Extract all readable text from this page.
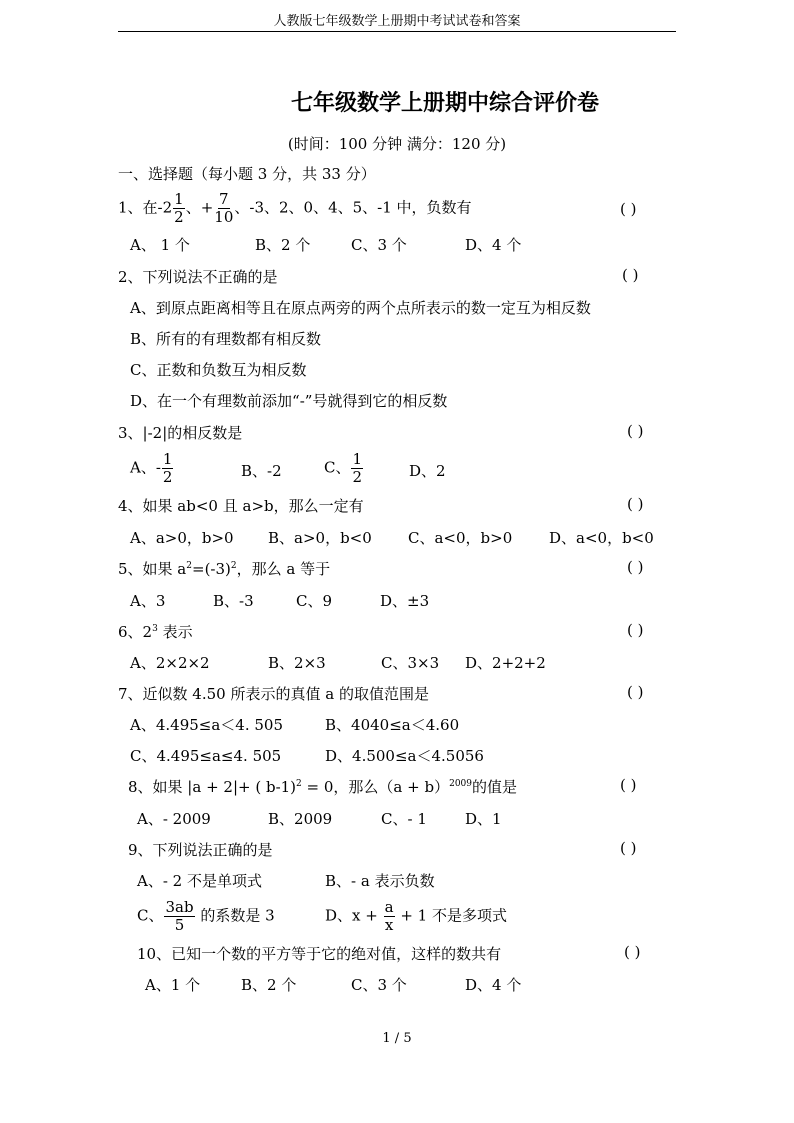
人教版七年级数学上册期中考试试卷和答案
七年级数学上册期中综合评价卷
(时间：100 分钟 满分：120 分)
一、选择题（每小题 3 分，共 33 分）
1、在$-2 \frac{1}{2}$ 、+ $\frac{7}{10}$ 、-3、2、0、4、5、-1 中，负数有	( )
A、 1 个	B、2 个	C、3 个	D、4 个
2、下列说法不正确的是	( )
A、到原点距离相等且在原点两旁的两个点所表示的数一定互为相反数
B、所有的有理数都有相反数
C、正数和负数互为相反数
D、在一个有理数前添加“-”号就得到它的相反数
3、|-2|的相反数是	( )
A、- $\frac{1}{2}$	B、-2	C、 $\frac{1}{2}$	D、2
4、如果 ab<0 且 a>b，那么一定有	( )
A、a>0，b>0 B、a>0，b<0 C、a<0，b>0 D、a<0，b<0
5、如果 $a^2=(-3)^2$，那么 a 等于	( )
A、3	B、-3	C、9	D、±3
6、$2^3$ 表示	( )
A、2×2×2	B、2×3	C、3×3 D、2+2+2
7、近似数 4.50 所表示的真值 a 的取值范围是	( )
A、4.495≤a＜4. 505	B、4040≤a＜4.60
C、4.495≤a≤4. 505	D、4.500≤a＜4.5056
8、如果 |a + 2|+ ( b-1)$^2$ = 0，那么$(a + b)^{2009}$的值是	( )
A、- 2009	B、2009	C、- 1	D、1
9、下列说法正确的是	( )
A、- 2 不是单项式	B、- a 表示负数
C、 $\frac{3ab}{5}$ 的系数是 3	D、$x + \frac{a}{x} + 1$ 不是多项式
10、已知一个数的平方等于它的绝对值，这样的数共有	( )
A、1 个	B、2 个	C、3 个	D、4 个
1 / 5
